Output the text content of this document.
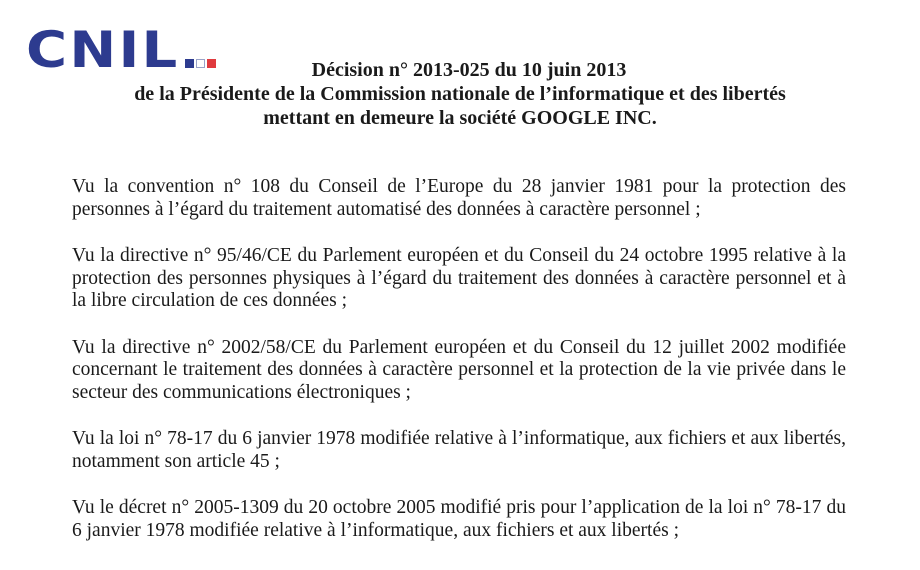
CNIL	Décision n° 2013-025 du 10 juin 2013
de la Présidente de la Commission nationale de l’informatique et des libertés
mettant en demeure la société GOOGLE INC.

Vu la convention n° 108 du Conseil de l’Europe du 28 janvier 1981 pour la protection des personnes à l’égard du traitement automatisé des données à caractère personnel ;

Vu la directive n° 95/46/CE du Parlement européen et du Conseil du 24 octobre 1995 relative à la protection des personnes physiques à l’égard du traitement des données à caractère personnel et à la libre circulation de ces données ;

Vu la directive n° 2002/58/CE du Parlement européen et du Conseil du 12 juillet 2002 modifiée concernant le traitement des données à caractère personnel et la protection de la vie privée dans le secteur des communications électroniques ;

Vu la loi n° 78-17 du 6 janvier 1978 modifiée relative à l’informatique, aux fichiers et aux libertés, notamment son article 45 ;

Vu le décret n° 2005-1309 du 20 octobre 2005 modifié pris pour l’application de la loi n° 78-17 du 6 janvier 1978 modifiée relative à l’informatique, aux fichiers et aux libertés ;
